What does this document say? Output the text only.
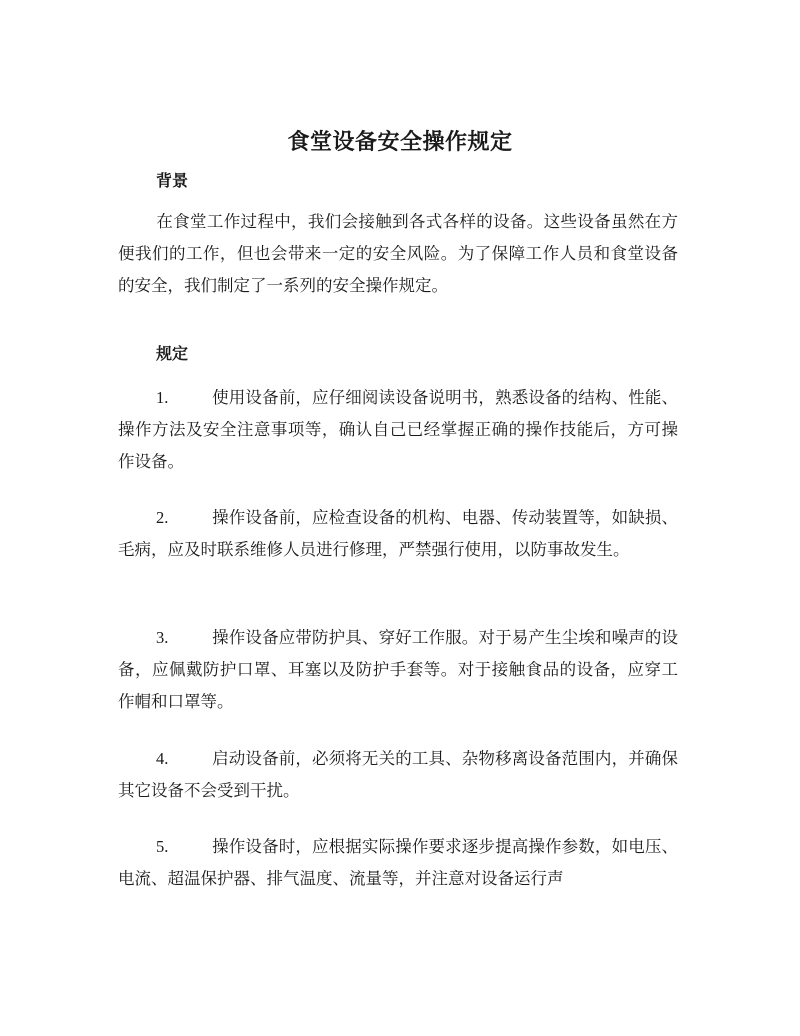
食堂设备安全操作规定
背景
在食堂工作过程中，我们会接触到各式各样的设备。这些设备虽然在方便我们的工作，但也会带来一定的安全风险。为了保障工作人员和食堂设备的安全，我们制定了一系列的安全操作规定。
规定
1.	使用设备前，应仔细阅读设备说明书，熟悉设备的结构、性能、操作方法及安全注意事项等，确认自己已经掌握正确的操作技能后，方可操作设备。
2.	操作设备前，应检查设备的机构、电器、传动装置等，如缺损、毛病，应及时联系维修人员进行修理，严禁强行使用，以防事故发生。
3.	操作设备应带防护具、穿好工作服。对于易产生尘埃和噪声的设备，应佩戴防护口罩、耳塞以及防护手套等。对于接触食品的设备，应穿工作帽和口罩等。
4.	启动设备前，必须将无关的工具、杂物移离设备范围内，并确保其它设备不会受到干扰。
5.	操作设备时，应根据实际操作要求逐步提高操作参数，如电压、电流、超温保护器、排气温度、流量等，并注意对设备运行声
